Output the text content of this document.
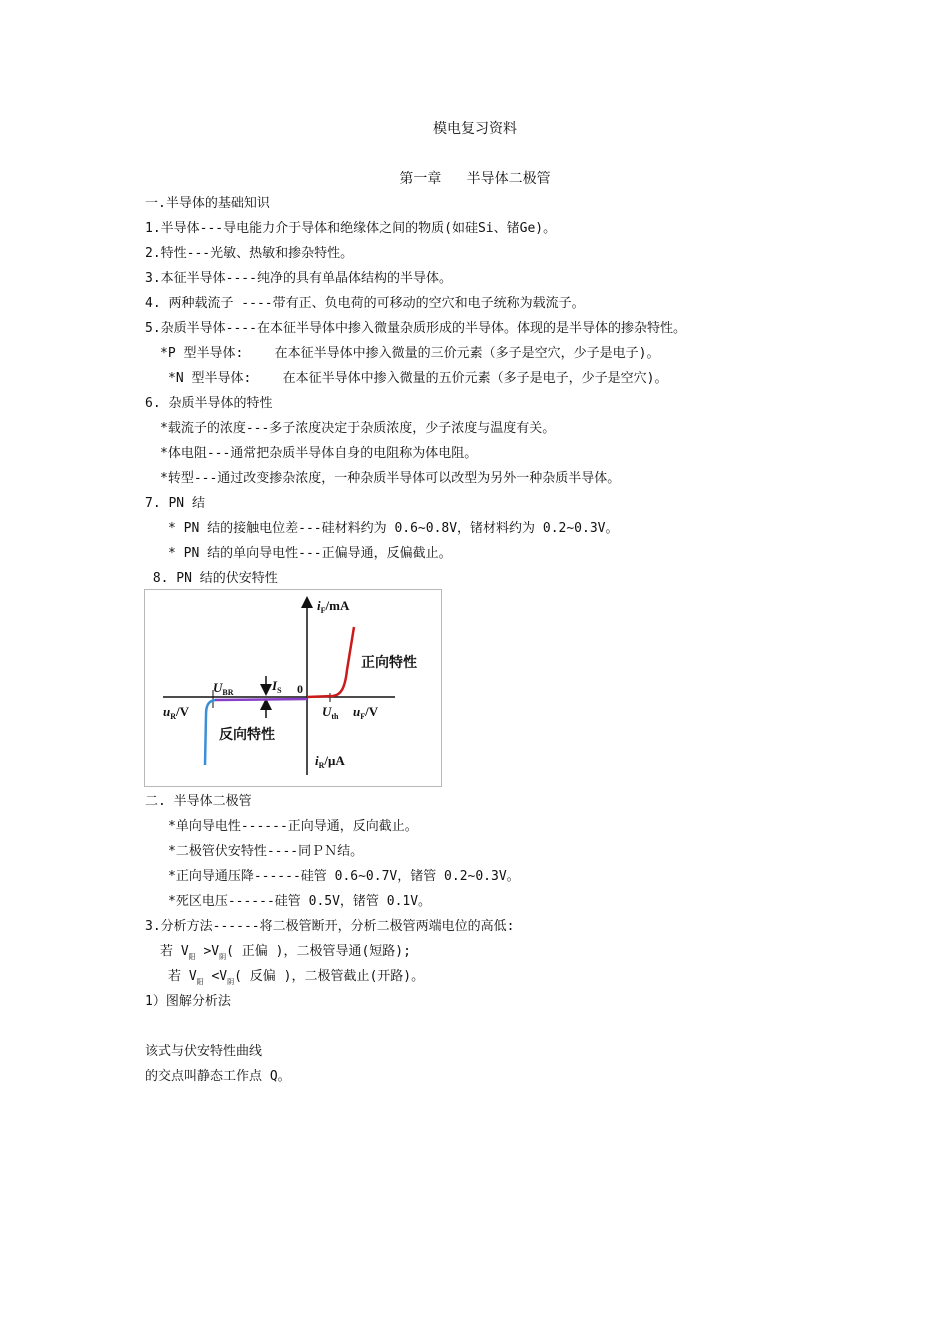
模电复习资料
第一章   半导体二极管
一.半导体的基础知识
1.半导体---导电能力介于导体和绝缘体之间的物质(如硅Si、锗Ge)。
2.特性---光敏、热敏和掺杂特性。
3.本征半导体----纯净的具有单晶体结构的半导体。
4. 两种载流子 ----带有正、负电荷的可移动的空穴和电子统称为载流子。
5.杂质半导体----在本征半导体中掺入微量杂质形成的半导体。体现的是半导体的掺杂特性。
*P 型半导体:    在本征半导体中掺入微量的三价元素（多子是空穴，少子是电子)。
*N 型半导体:    在本征半导体中掺入微量的五价元素（多子是电子，少子是空穴)。
6. 杂质半导体的特性
*载流子的浓度---多子浓度决定于杂质浓度，少子浓度与温度有关。
*体电阻---通常把杂质半导体自身的电阻称为体电阻。
*转型---通过改变掺杂浓度，一种杂质半导体可以改型为另外一种杂质半导体。
7. PN 结
* PN 结的接触电位差---硅材料约为 0.6~0.8V，锗材料约为 0.2~0.3V。
* PN 结的单向导电性---正偏导通，反偏截止。
8. PN 结的伏安特性
$i_F/mA$
正向特性
$U_{BR}$	$I_S$ 0
$U_{th}$ $u_F/V$
$u_R/V$
反向特性
$i_R/\mu A$
二. 半导体二极管
*单向导电性------正向导通，反向截止。
*二极管伏安特性----同ＰＮ结。
*正向导通压降------硅管 0.6~0.7V，锗管 0.2~0.3V。
*死区电压------硅管 0.5V，锗管 0.1V。
3.分析方法------将二极管断开，分析二极管两端电位的高低:
若 $V_阳 >V_阴$( 正偏 )，二极管导通(短路);
若 $V_阳 <V_阴$( 反偏 )，二极管截止(开路)。
1）图解分析法
该式与伏安特性曲线
的交点叫静态工作点 Q。
